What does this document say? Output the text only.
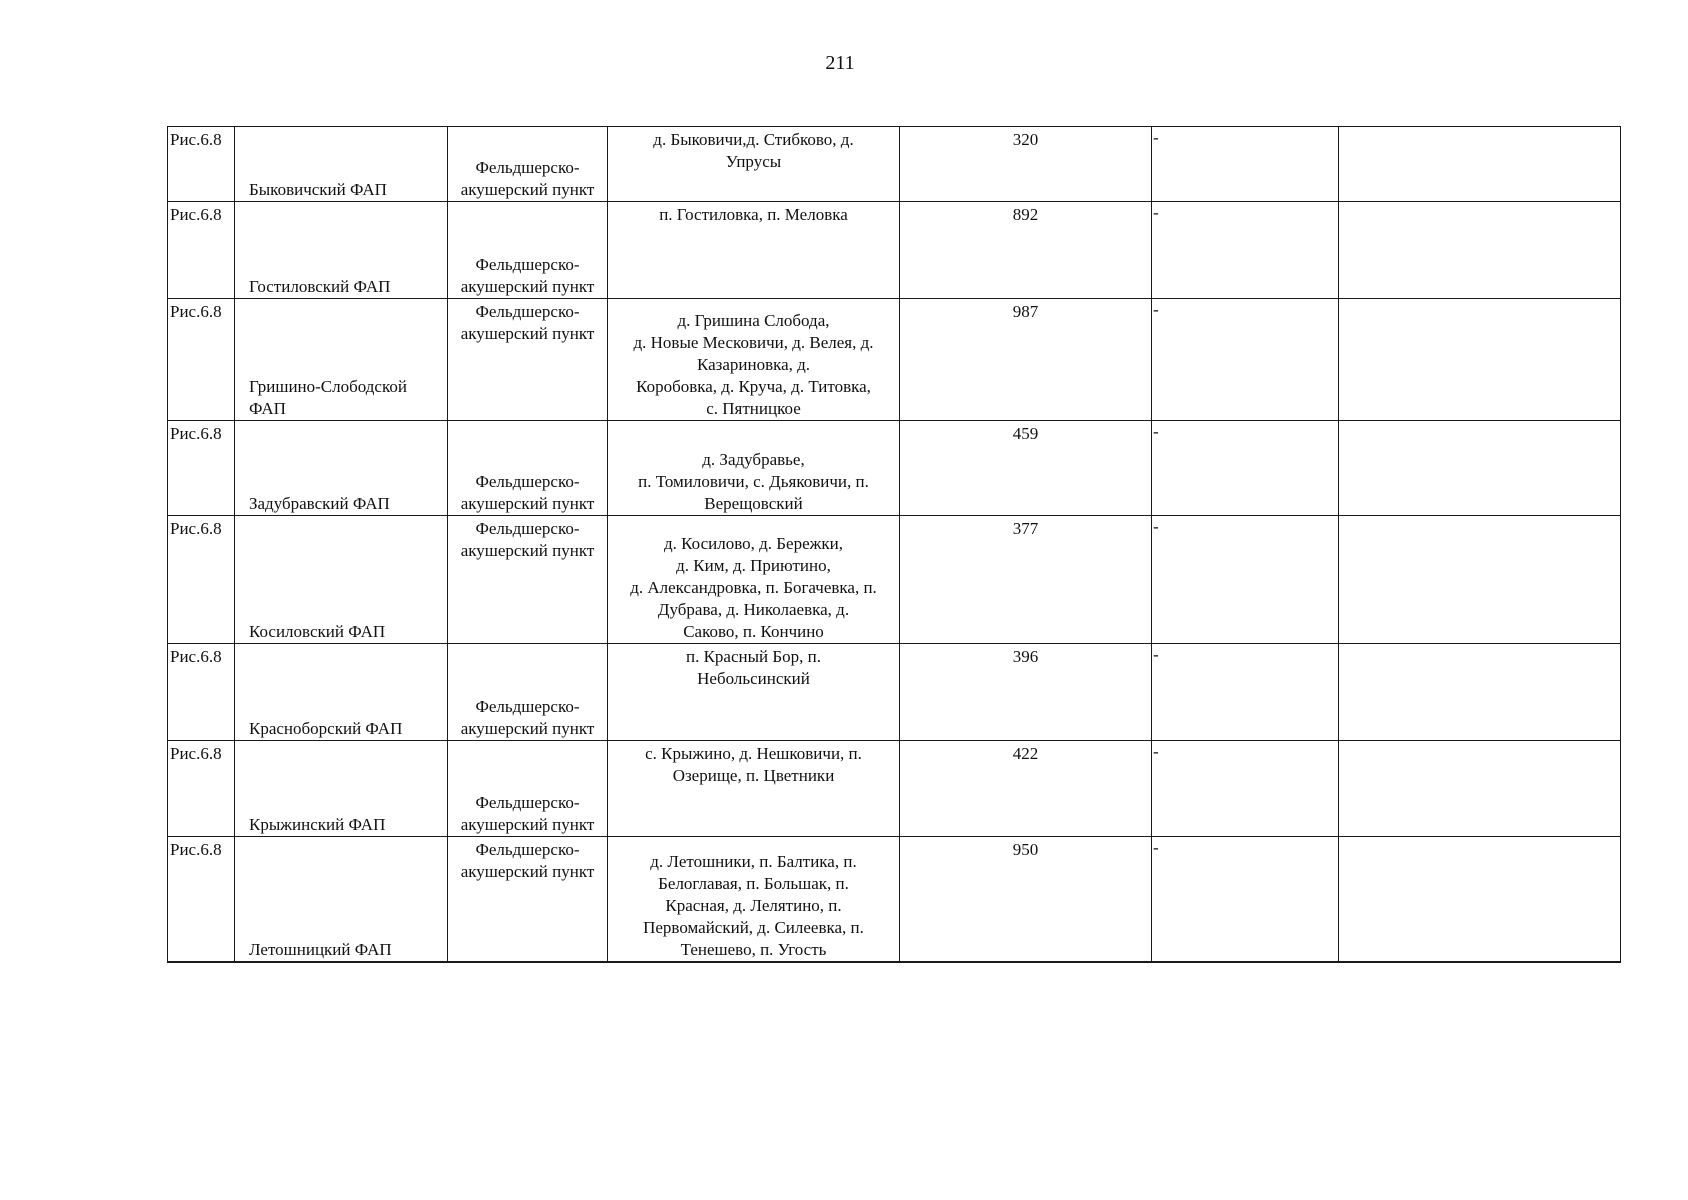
211
Рис.6.8	Быковичский ФАП	Фельдшерско-
акушерский пункт	д. Быковичи,д. Стибково, д.
Упрусы	320	-	

Рис.6.8	Гостиловский ФАП	Фельдшерско-
акушерский пункт	п. Гостиловка, п. Меловка	892	-	

Рис.6.8	Гришино-Слободской
ФАП	Фельдшерско-
акушерский пункт	д. Гришина Слобода,
д. Новые Месковичи, д. Велея, д.
Казариновка, д.
Коробовка, д. Круча, д. Титовка,
с. Пятницкое	987	-	

Рис.6.8	Задубравский ФАП	Фельдшерско-
акушерский пункт	д. Задубравье,
п. Томиловичи, с. Дьяковичи, п.
Верещовский	459	-	

Рис.6.8	Косиловский ФАП	Фельдшерско-
акушерский пункт	д. Косилово, д. Бережки,
д. Ким, д. Приютино,
д. Александровка, п. Богачевка, п.
Дубрава, д. Николаевка, д.
Саково, п. Кончино	377	-	

Рис.6.8	Красноборский ФАП	Фельдшерско-
акушерский пункт	п. Красный Бор, п.
Небольсинский	396	-	

Рис.6.8	Крыжинский ФАП	Фельдшерско-
акушерский пункт	с. Крыжино, д. Нешковичи, п.
Озерище, п. Цветники	422	-	

Рис.6.8	Летошницкий ФАП	Фельдшерско-
акушерский пункт	д. Летошники, п. Балтика, п.
Белоглавая, п. Большак, п.
Красная, д. Лелятино, п.
Первомайский, д. Силеевка, п.
Тенешево, п. Угость	950	-	
